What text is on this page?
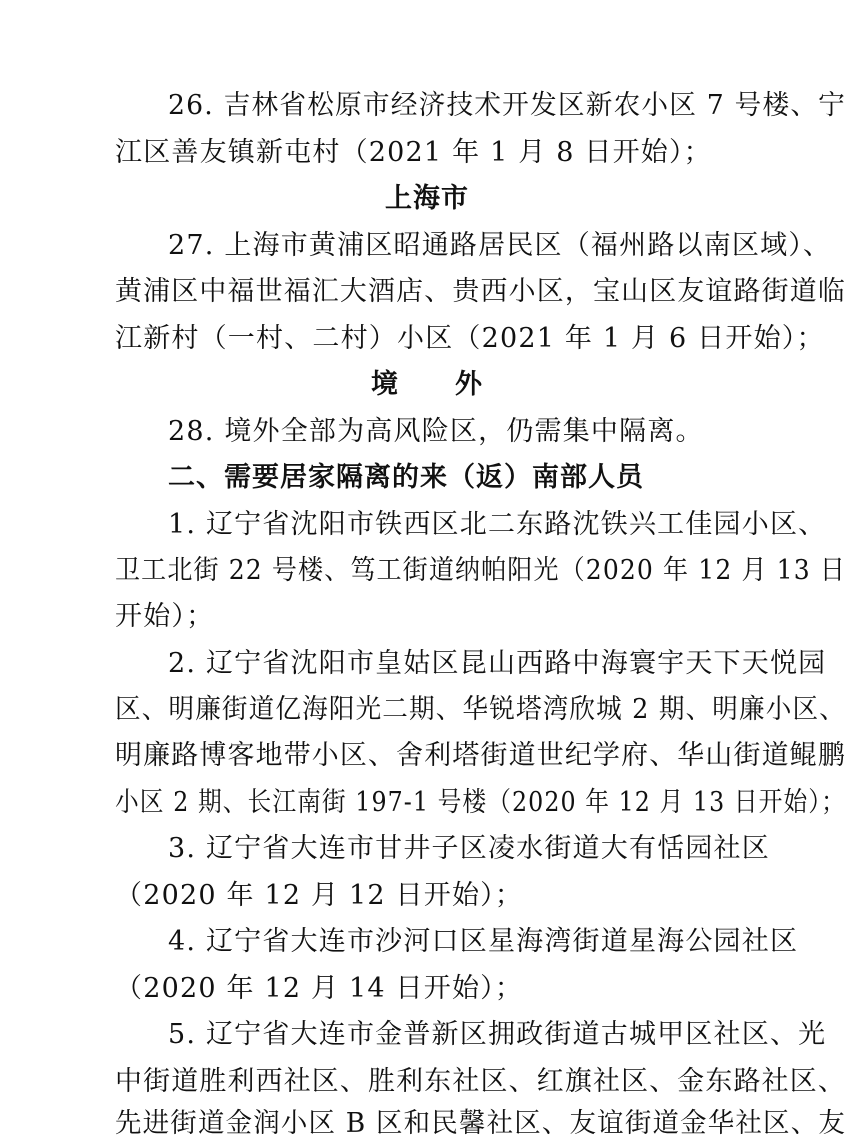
26. 吉林省松原市经济技术开发区新农小区 7 号楼、宁
江区善友镇新屯村（2021 年 1 月 8 日开始）；
上海市
27. 上海市黄浦区昭通路居民区（福州路以南区域）、
黄浦区中福世福汇大酒店、贵西小区，宝山区友谊路街道临
江新村（一村、二村）小区（2021 年 1 月 6 日开始）；
境　　外
28. 境外全部为高风险区，仍需集中隔离。
二、需要居家隔离的来（返）南部人员
1. 辽宁省沈阳市铁西区北二东路沈铁兴工佳园小区、
卫工北街 22 号楼、笃工街道纳帕阳光（2020 年 12 月 13 日
开始）；
2. 辽宁省沈阳市皇姑区昆山西路中海寰宇天下天悦园
区、明廉街道亿海阳光二期、华锐塔湾欣城 2 期、明廉小区、
明廉路博客地带小区、舍利塔街道世纪学府、华山街道鲲鹏
小区 2 期、长江南街 197-1 号楼（2020 年 12 月 13 日开始）；
3. 辽宁省大连市甘井子区凌水街道大有恬园社区
（2020 年 12 月 12 日开始）；
4. 辽宁省大连市沙河口区星海湾街道星海公园社区
（2020 年 12 月 14 日开始）；
5. 辽宁省大连市金普新区拥政街道古城甲区社区、光
中街道胜利西社区、胜利东社区、红旗社区、金东路社区、
先进街道金润小区 B 区和民馨社区、友谊街道金华社区、友
